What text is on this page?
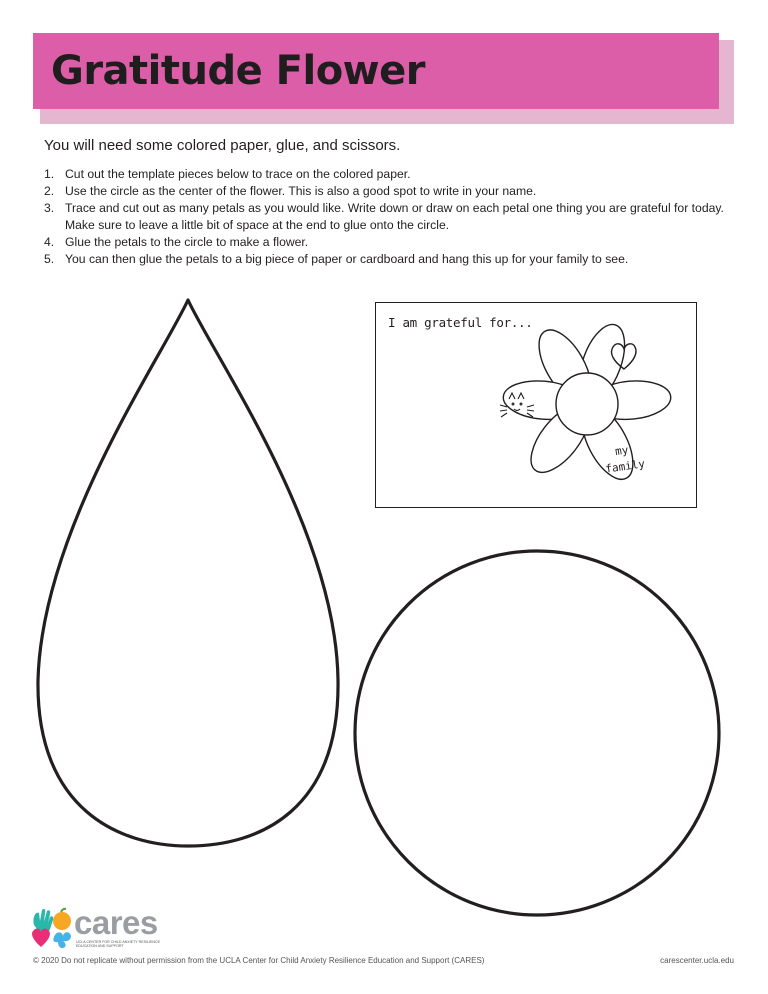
Gratitude Flower

You will need some colored paper, glue, and scissors.

1. Cut out the template pieces below to trace on the colored paper.
2. Use the circle as the center of the flower. This is also a good spot to write in your name.
3. Trace and cut out as many petals as you would like. Write down or draw on each petal one thing you are grateful for today. Make sure to leave a little bit of space at the end to glue onto the circle.
4. Glue the petals to the circle to make a flower.
5. You can then glue the petals to a big piece of paper or cardboard and hang this up for your family to see.
my
family

I am grateful for...

cares

UCLA CENTER FOR CHILD ANXIETY RESILIENCE EDUCATION AND SUPPORT

© 2020 Do not replicate without permission from the UCLA Center for Child Anxiety Resilience Education and Support (CARES)	carescenter.ucla.edu
